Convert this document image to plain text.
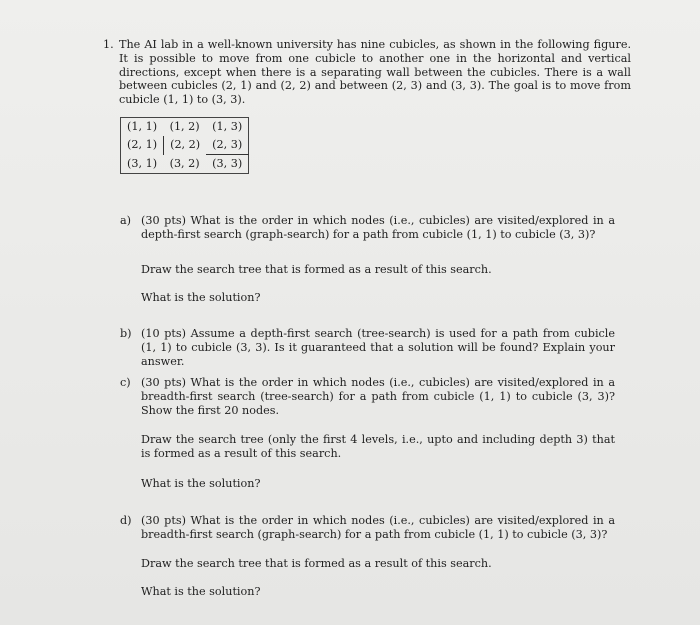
1. The AI lab in a well-known university has nine cubicles, as shown in the following figure. It is possible to move from one cubicle to another one in the horizontal and vertical directions, except when there is a separating wall between the cubicles. There is a wall between cubicles (2, 1) and (2, 2) and between (2, 3) and (3, 3). The goal is to move from cubicle (1, 1) to (3, 3).
(1, 1)	(1, 2)	(1, 3)
(2, 1)	(2, 2)	(2, 3)
(3, 1)	(3, 2)	(3, 3)
a) (30 pts) What is the order in which nodes (i.e., cubicles) are visited/explored in a depth-first search (graph-search) for a path from cubicle (1, 1) to cubicle (3, 3)?
Draw the search tree that is formed as a result of this search.
What is the solution?
b) (10 pts) Assume a depth-first search (tree-search) is used for a path from cubicle (1, 1) to cubicle (3, 3). Is it guaranteed that a solution will be found? Explain your answer.
c) (30 pts) What is the order in which nodes (i.e., cubicles) are visited/explored in a breadth-first search (tree-search) for a path from cubicle (1, 1) to cubicle (3, 3)? Show the first 20 nodes.
Draw the search tree (only the first 4 levels, i.e., upto and including depth 3) that is formed as a result of this search.
What is the solution?
d) (30 pts) What is the order in which nodes (i.e., cubicles) are visited/explored in a breadth-first search (graph-search) for a path from cubicle (1, 1) to cubicle (3, 3)?
Draw the search tree that is formed as a result of this search.
What is the solution?
